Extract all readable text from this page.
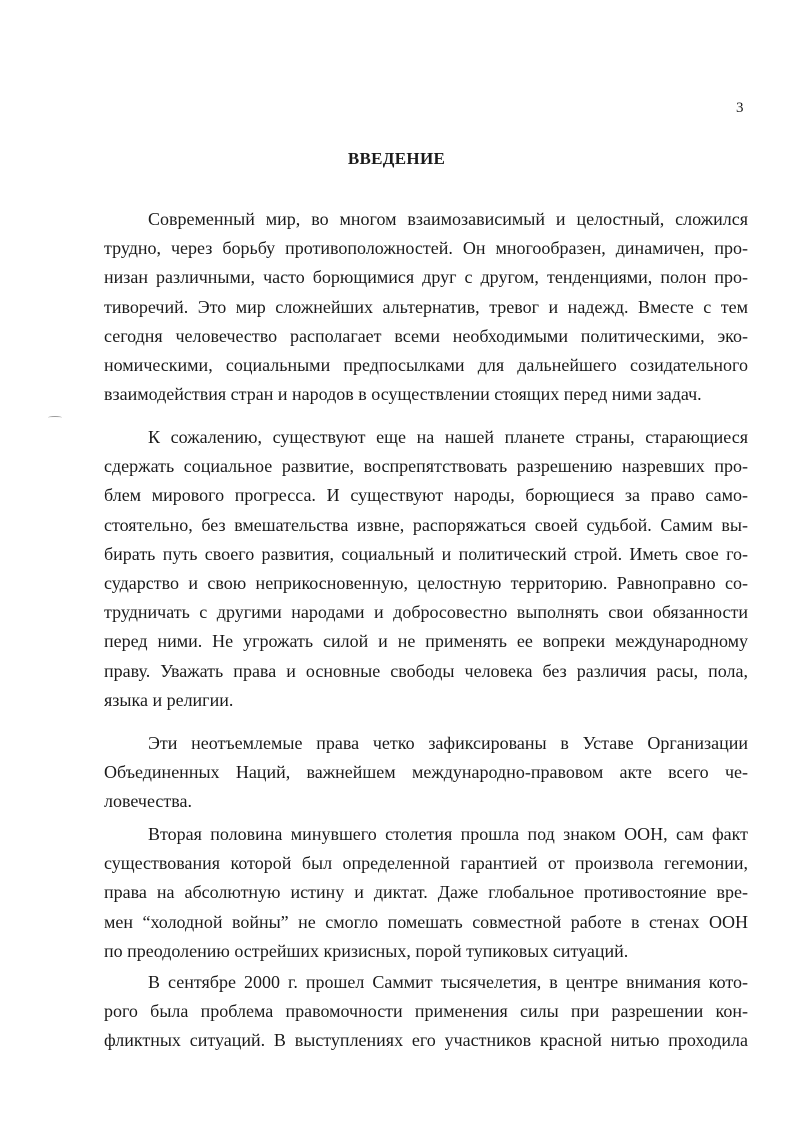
3
ВВЕДЕНИЕ
Современный мир, во многом взаимозависимый и целостный, сложился
трудно, через борьбу противоположностей. Он многообразен, динамичен, про-
низан различными, часто борющимися друг с другом, тенденциями, полон про-
тиворечий. Это мир сложнейших альтернатив, тревог и надежд. Вместе с тем
сегодня человечество располагает всеми необходимыми политическими, эко-
номическими, социальными предпосылками для дальнейшего созидательного
взаимодействия стран и народов в осуществлении стоящих перед ними задач.
К сожалению, существуют еще на нашей планете страны, старающиеся
сдержать социальное развитие, воспрепятствовать разрешению назревших про-
блем мирового прогресса. И существуют народы, борющиеся за право само-
стоятельно, без вмешательства извне, распоряжаться своей судьбой. Самим вы-
бирать путь своего развития, социальный и политический строй. Иметь свое го-
сударство и свою неприкосновенную, целостную территорию. Равноправно со-
трудничать с другими народами и добросовестно выполнять свои обязанности
перед ними. Не угрожать силой и не применять ее вопреки международному
праву. Уважать права и основные свободы человека без различия расы, пола,
языка и религии.
Эти неотъемлемые права четко зафиксированы в Уставе Организации
Объединенных Наций, важнейшем международно-правовом акте всего че-
ловечества.
Вторая половина минувшего столетия прошла под знаком ООН, сам факт
существования которой был определенной гарантией от произвола гегемонии,
права на абсолютную истину и диктат. Даже глобальное противостояние вре-
мен “холодной войны” не смогло помешать совместной работе в стенах ООН
по преодолению острейших кризисных, порой тупиковых ситуаций.
В сентябре 2000 г. прошел Саммит тысячелетия, в центре внимания кото-
рого была проблема правомочности применения силы при разрешении кон-
фликтных ситуаций. В выступлениях его участников красной нитью проходила
